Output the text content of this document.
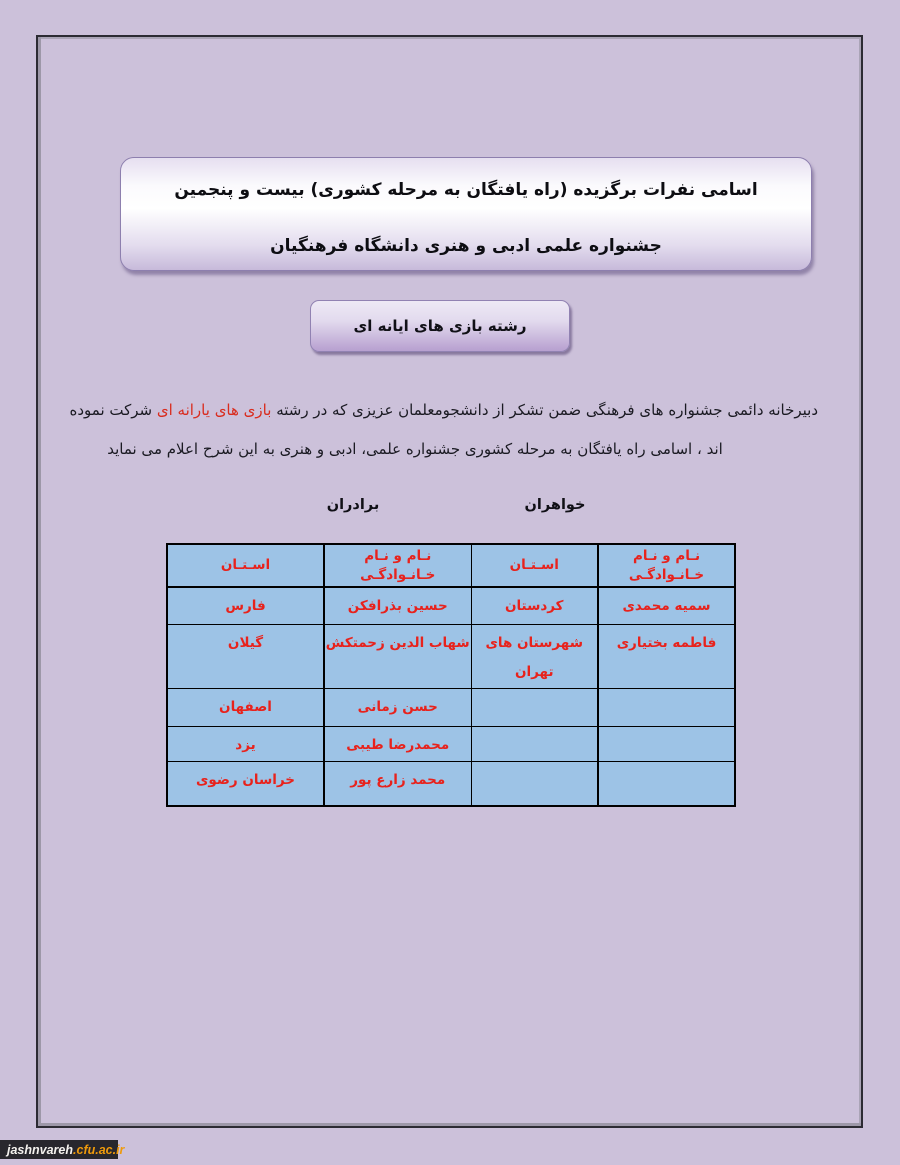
اسامی نفرات برگزیده (راه یافتگان به مرحله کشوری) بیست و پنجمین
جشنواره علمی ادبی و هنری دانشگاه فرهنگیان
رشته بازی های ایانه ای
دبیرخانه دائمی جشنواره های فرهنگی ضمن تشکر از دانشجومعلمان عزیزی که در رشته بازی های یارانه ای شرکت نموده
اند ، اسامی راه یافتگان به مرحله کشوری جشنواره علمی، ادبی و هنری به این شرح اعلام می نماید
برادران	خواهران
نـام و نـام خـانـوادگـی	اسـتـان	نـام و نـام خـانـوادگـی	اسـتـان
سمیه محمدی	کردستان	حسین بذرافکن	فارس
فاطمه بختیاری	شهرستان های تهران	شهاب الدین زحمتکش	گیلان
		حسن زمانی	اصفهان
		محمدرضا طیبی	یزد
		محمد زارع پور	خراسان رضوی
jashnvareh .cfu.ac.ir
